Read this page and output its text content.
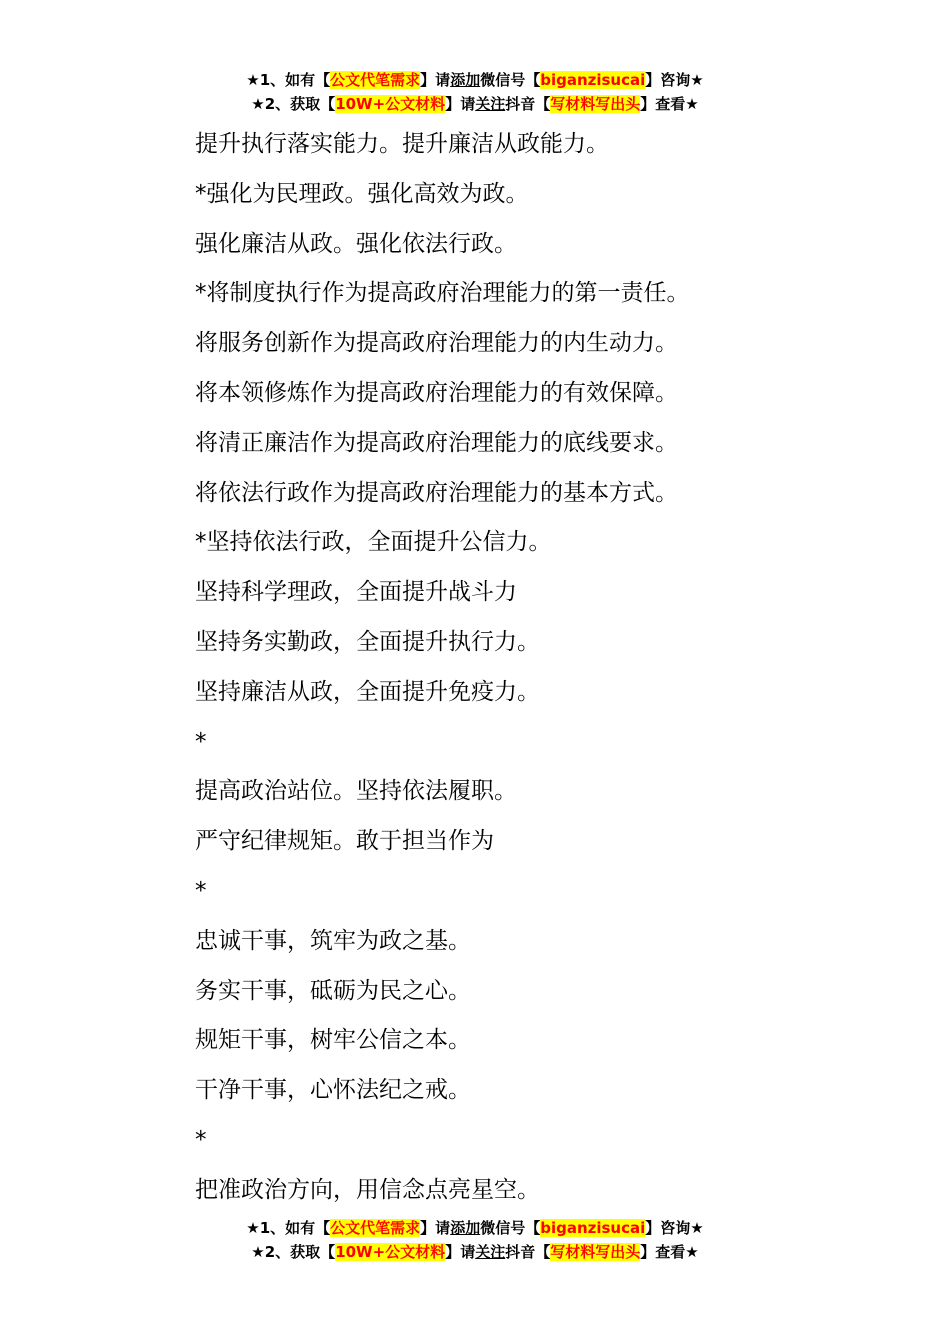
★1、如有【公文代笔需求】请添加微信号【biganzisucai】咨询★
★2、获取【10W+公文材料】请关注抖音【写材料写出头】查看★

提升执行落实能力。提升廉洁从政能力。

*强化为民理政。强化高效为政。

强化廉洁从政。强化依法行政。

*将制度执行作为提高政府治理能力的第一责任。

将服务创新作为提高政府治理能力的内生动力。

将本领修炼作为提高政府治理能力的有效保障。

将清正廉洁作为提高政府治理能力的底线要求。

将依法行政作为提高政府治理能力的基本方式。

*坚持依法行政，全面提升公信力。

坚持科学理政，全面提升战斗力

坚持务实勤政，全面提升执行力。

坚持廉洁从政，全面提升免疫力。

*

提高政治站位。坚持依法履职。

严守纪律规矩。敢于担当作为

*

忠诚干事，筑牢为政之基。

务实干事，砥砺为民之心。

规矩干事，树牢公信之本。

干净干事，心怀法纪之戒。

*

把准政治方向，用信念点亮星空。

★1、如有【公文代笔需求】请添加微信号【biganzisucai】咨询★
★2、获取【10W+公文材料】请关注抖音【写材料写出头】查看★
